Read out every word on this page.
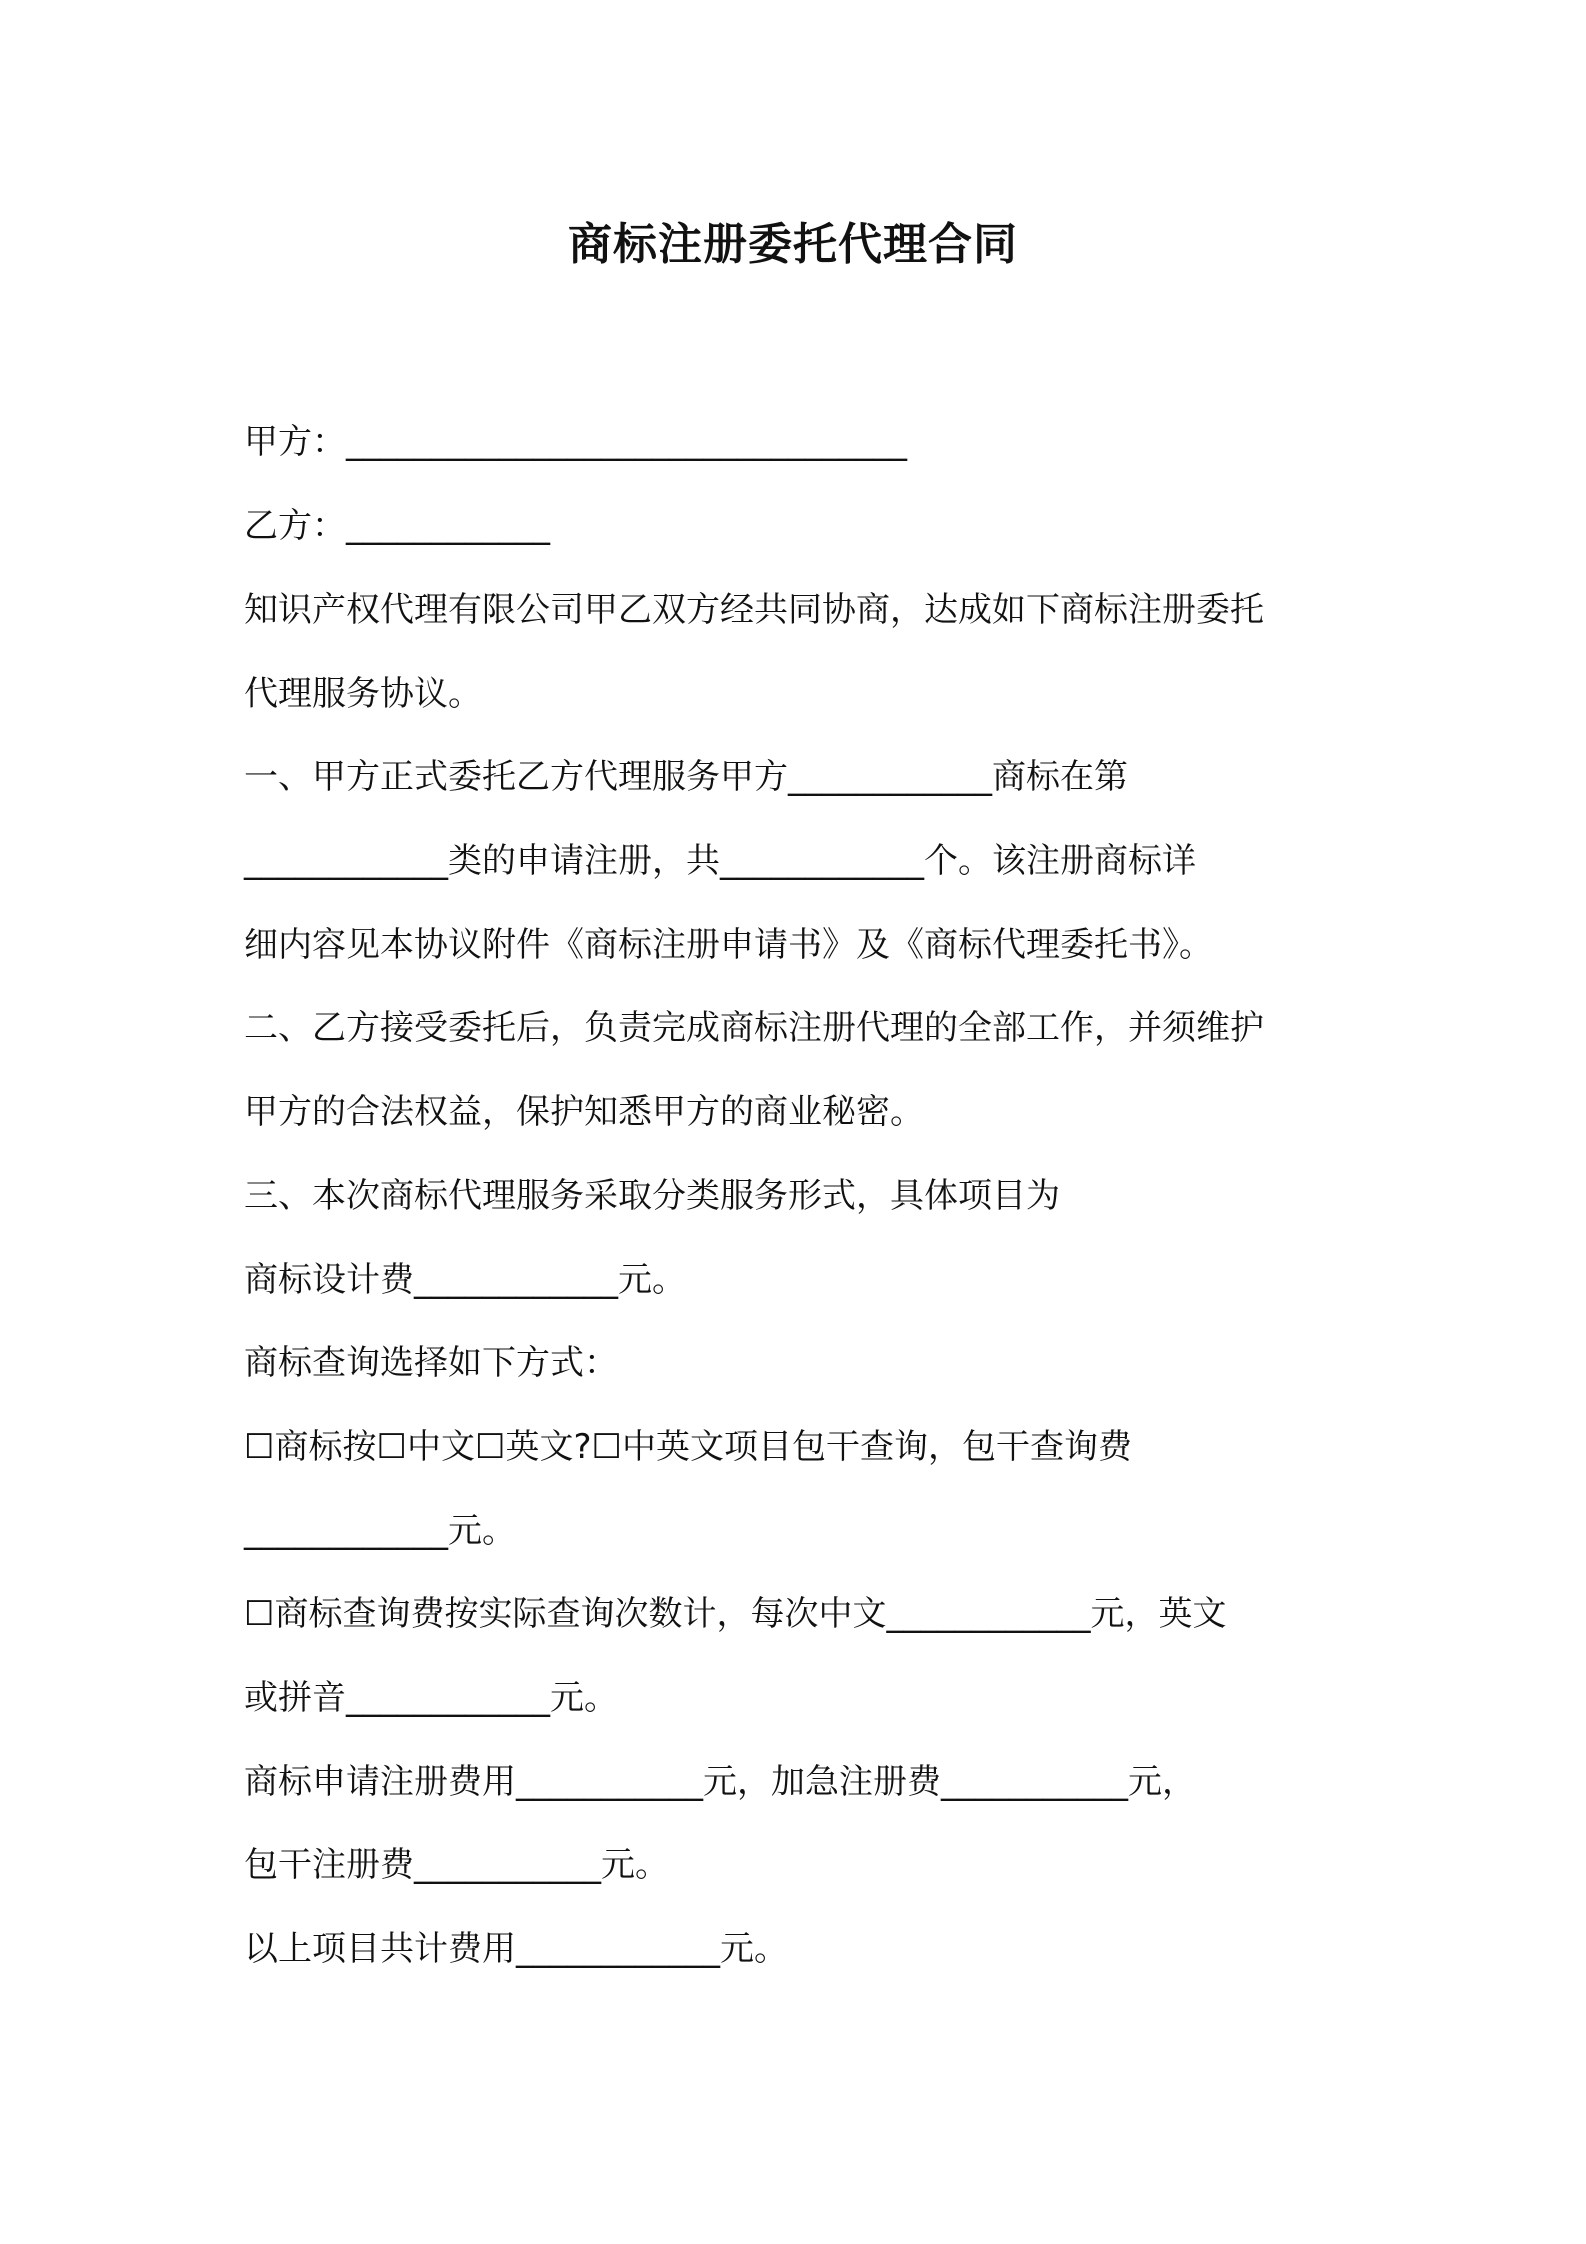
商标注册委托代理合同

甲方：_________________________________

乙方：____________

知识产权代理有限公司甲乙双方经共同协商，达成如下商标注册委托

代理服务协议。

一、甲方正式委托乙方代理服务甲方____________商标在第

____________类的申请注册，共____________个。该注册商标详

细内容见本协议附件《商标注册申请书》及《商标代理委托书》。

二、乙方接受委托后，负责完成商标注册代理的全部工作，并须维护

甲方的合法权益，保护知悉甲方的商业秘密。

三、本次商标代理服务采取分类服务形式，具体项目为

商标设计费____________元。

商标查询选择如下方式：

☐商标按☐中文☐英文?☐中英文项目包干查询，包干查询费

____________元。

☐商标查询费按实际查询次数计，每次中文____________元，英文

或拼音____________元。

商标申请注册费用___________元，加急注册费___________元，

包干注册费___________元。

以上项目共计费用____________元。
